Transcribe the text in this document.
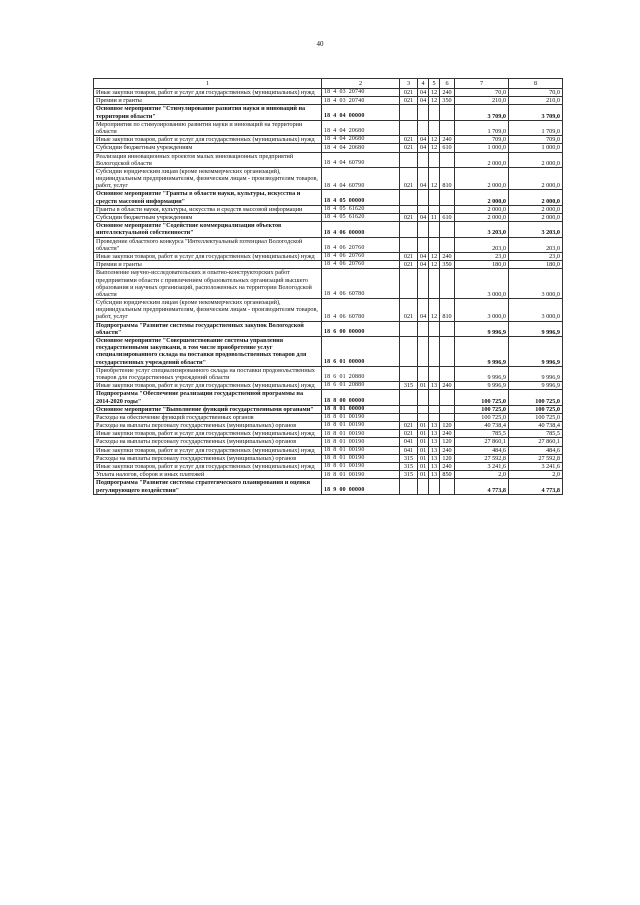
40
1	2	3	4	5	6	7	8
Иные закупки товаров, работ и услуг для государственных (муниципальных) нужд	18 4 03 20740	021	04	12	240	70,0	70,0
Премии и гранты	18 4 03 20740	021	04	12	350	210,0	210,0
Основное мероприятие "Стимулирование развития науки и инноваций на территории области"	18 4 04 00000					3 709,0	3 709,0
Мероприятия по стимулированию развития науки и инноваций на территории области	18 4 04 20680					1 709,0	1 709,0
Иные закупки товаров, работ и услуг для государственных (муниципальных) нужд	18 4 04 20680	021	04	12	240	709,0	709,0
Субсидии бюджетным учреждениям	18 4 04 20680	021	04	12	610	1 000,0	1 000,0
Реализация инновационных проектов малых инновационных предприятий Вологодской области	18 4 04 60790					2 000,0	2 000,0
Субсидии юридическим лицам (кроме некоммерческих организаций), индивидуальным предпринимателям, физическим лицам - производителям товаров, работ, услуг	18 4 04 60790	021	04	12	810	2 000,0	2 000,0
Основное мероприятие "Гранты в области науки, культуры, искусства и средств массовой информации"	18 4 05 00000					2 000,0	2 000,0
Гранты в области науки, культуры, искусства и средств массовой информации	18 4 05 61620					2 000,0	2 000,0
Субсидии бюджетным учреждениям	18 4 05 61620	021	04	11	610	2 000,0	2 000,0
Основное мероприятие "Содействие коммерциализации объектов интеллектуальной собственности"	18 4 06 00000					3 203,0	3 203,0
Проведение областного конкурса "Интеллектуальный потенциал Вологодской области"	18 4 06 20760					203,0	203,0
Иные закупки товаров, работ и услуг для государственных (муниципальных) нужд	18 4 06 20760	021	04	12	240	23,0	23,0
Премии и гранты	18 4 06 20760	021	04	12	350	180,0	180,0
Выполнение научно-исследовательских и опытно-конструкторских работ предприятиями области с привлечением образовательных организаций высшего образования и научных организаций, расположенных на территории Вологодской области	18 4 06 60780					3 000,0	3 000,0
Субсидии юридическим лицам (кроме некоммерческих организаций), индивидуальным предпринимателям, физическим лицам - производителям товаров, работ, услуг	18 4 06 60780	021	04	12	810	3 000,0	3 000,0
Подпрограмма "Развитие системы государственных закупок Вологодской области"	18 6 00 00000					9 996,9	9 996,9
Основное мероприятие "Совершенствование системы управления государственными закупками, в том числе приобретение услуг специализированного склада на поставки продовольственных товаров для государственных учреждений области"	18 6 01 00000					9 996,9	9 996,9
Приобретение услуг специализированного склада на поставки продовольственных товаров для государственных учреждений области	18 6 01 20880					9 996,9	9 996,9
Иные закупки товаров, работ и услуг для государственных (муниципальных) нужд	18 6 01 20880	315	01	13	240	9 996,9	9 996,9
Подпрограмма "Обеспечение реализации государственной программы на 2014-2020 годы"	18 8 00 00000					100 725,0	100 725,0
Основное мероприятие "Выполнение функций государственными органами"	18 8 01 00000					100 725,0	100 725,0
Расходы на обеспечение функций государственных органов	18 8 01 00190					100 725,0	100 725,0
Расходы на выплаты персоналу государственных (муниципальных) органов	18 8 01 00190	021	01	13	120	40 738,4	40 738,4
Иные закупки товаров, работ и услуг для государственных (муниципальных) нужд	18 8 01 00190	021	01	13	240	785,5	785,5
Расходы на выплаты персоналу государственных (муниципальных) органов	18 8 01 00190	041	01	13	120	27 860,1	27 860,1
Иные закупки товаров, работ и услуг для государственных (муниципальных) нужд	18 8 01 00190	041	01	13	240	484,6	484,6
Расходы на выплаты персоналу государственных (муниципальных) органов	18 8 01 00190	315	01	13	120	27 592,8	27 592,8
Иные закупки товаров, работ и услуг для государственных (муниципальных) нужд	18 8 01 00190	315	01	13	240	3 241,6	3 241,6
Уплата налогов, сборов и иных платежей	18 8 01 00190	315	01	13	850	2,0	2,0
Подпрограмма "Развитие системы стратегического планирования и оценки регулирующего воздействия"	18 9 00 00000					4 773,8	4 773,8
